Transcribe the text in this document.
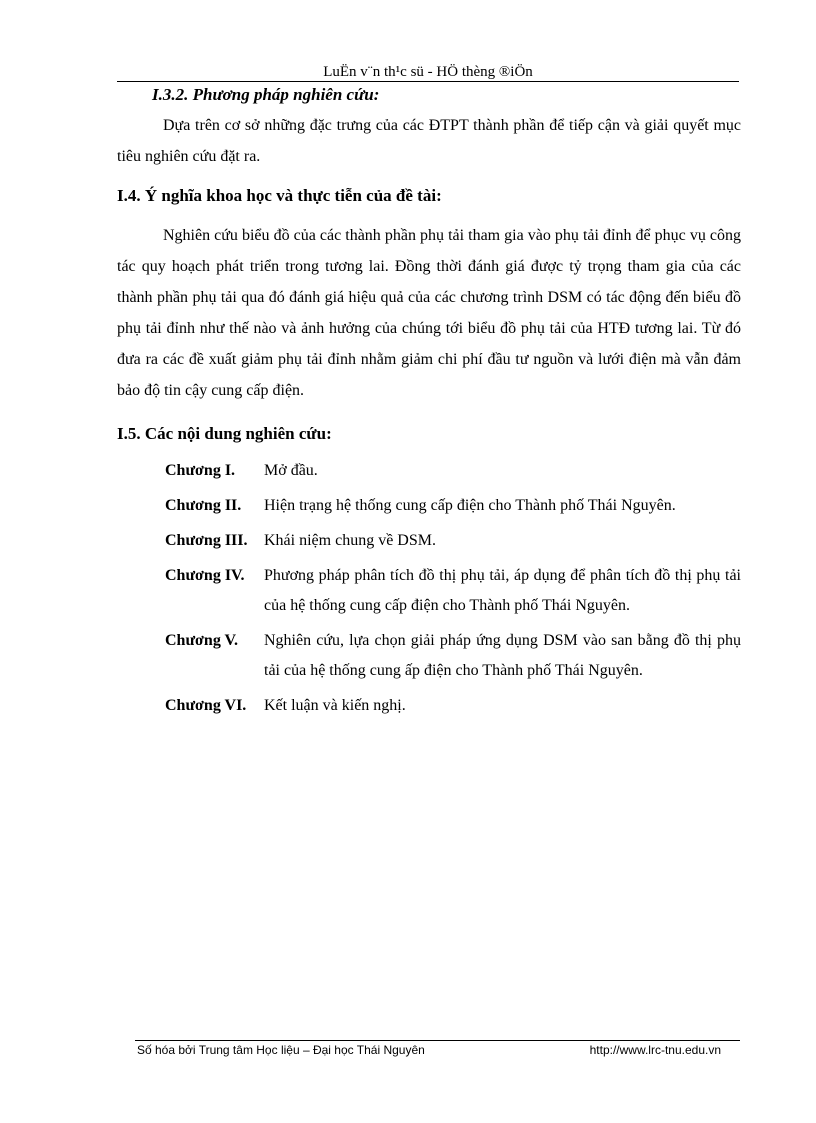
LuËn v¨n th¹c sü - HÖ thèng ®iÖn
I.3.2. Phương pháp nghiên cứu:

Dựa trên cơ sở những đặc trưng của các ĐTPT thành phần để tiếp cận và giải quyết mục tiêu nghiên cứu đặt ra.

I.4. Ý nghĩa khoa học và thực tiễn của đề tài:

Nghiên cứu biểu đồ của các thành phần phụ tải tham gia vào phụ tải đỉnh để phục vụ công tác quy hoạch phát triển trong tương lai. Đồng thời đánh giá được tỷ trọng tham gia của các thành phần phụ tải qua đó đánh giá hiệu quả của các chương trình DSM có tác động đến biểu đồ phụ tải đỉnh như thế nào và ảnh hưởng của chúng tới biểu đồ phụ tải của HTĐ tương lai. Từ đó đưa ra các đề xuất giảm phụ tải đỉnh nhằm giảm chi phí đầu tư nguồn và lưới điện mà vẫn đảm bảo độ tin cậy cung cấp điện.

I.5. Các nội dung nghiên cứu:
Chương I.	Mở đầu.
Chương II.	Hiện trạng hệ thống cung cấp điện cho Thành phố Thái Nguyên.
Chương III.	Khái niệm chung về DSM.
Chương IV.	Phương pháp phân tích đồ thị phụ tải, áp dụng để phân tích đồ thị phụ tải của hệ thống cung cấp điện cho Thành phố Thái Nguyên.
Chương V.	Nghiên cứu, lựa chọn giải pháp ứng dụng DSM vào san bằng đồ thị phụ tải của hệ thống cung ấp điện cho Thành phố Thái Nguyên.
Chương VI.	Kết luận và kiến nghị.
Số hóa bởi Trung tâm Học liệu – Đại học Thái Nguyên	http://www.lrc-tnu.edu.vn
